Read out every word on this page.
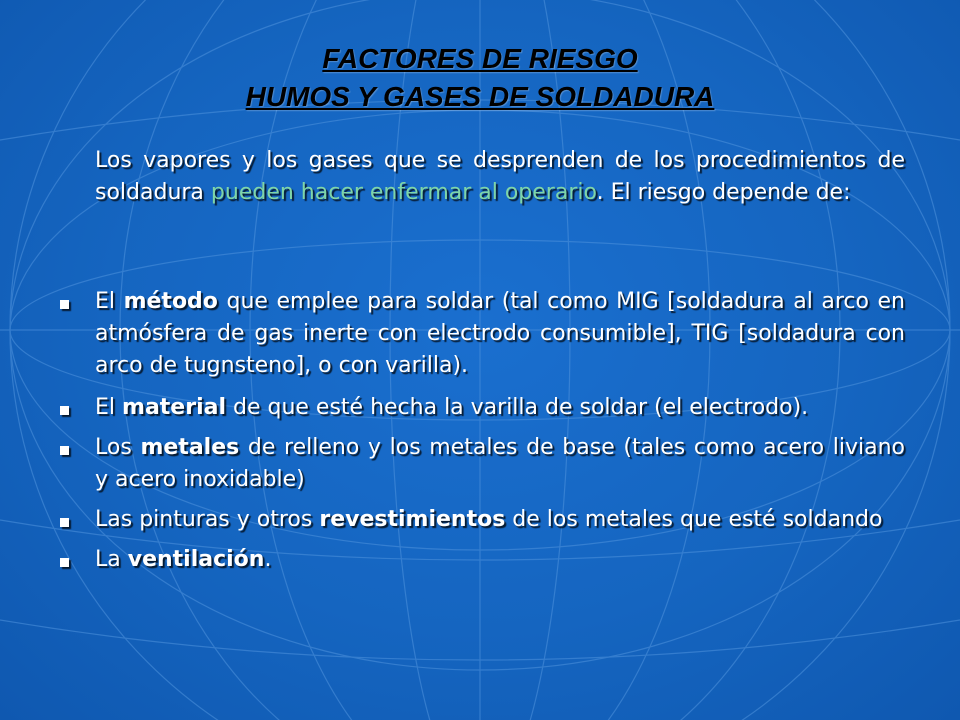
FACTORES DE RIESGO
HUMOS Y GASES DE SOLDADURA
Los vapores y los gases que se desprenden de los procedimientos de soldadura pueden hacer enfermar al operario. El riesgo depende de:
El método que emplee para soldar (tal como MIG [soldadura al arco en atmósfera de gas inerte con electrodo consumible], TIG [soldadura con arco de tugnsteno], o con varilla).
El material de que esté hecha la varilla de soldar (el electrodo).
Los metales de relleno y los metales de base (tales como acero liviano y acero inoxidable)
Las pinturas y otros revestimientos de los metales que esté soldando
La ventilación.
